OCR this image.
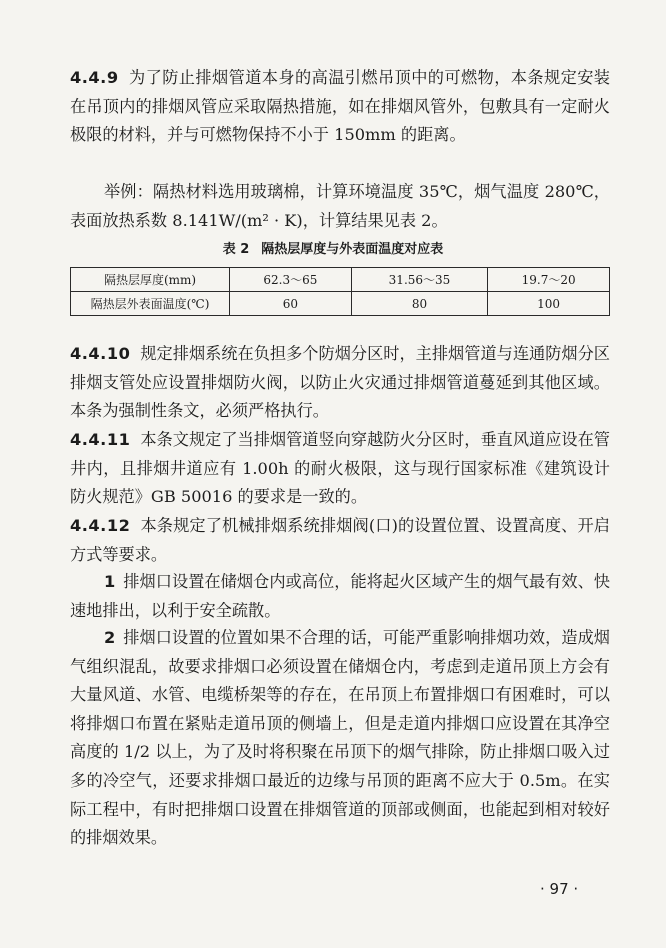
4.4.9 为了防止排烟管道本身的高温引燃吊顶中的可燃物，本条规定安装在吊顶内的排烟风管应采取隔热措施，如在排烟风管外，包敷具有一定耐火极限的材料，并与可燃物保持不小于 150mm 的距离。

举例：隔热材料选用玻璃棉，计算环境温度 35℃，烟气温度 280℃，表面放热系数 8.141W/(m² · K)，计算结果见表 2。

表 2 隔热层厚度与外表面温度对应表
隔热层厚度(mm)	62.3～65	31.56～35	19.7～20
隔热层外表面温度(℃)	60	80	100

4.4.10 规定排烟系统在负担多个防烟分区时，主排烟管道与连通防烟分区排烟支管处应设置排烟防火阀，以防止火灾通过排烟管道蔓延到其他区域。本条为强制性条文，必须严格执行。

4.4.11 本条文规定了当排烟管道竖向穿越防火分区时，垂直风道应设在管井内，且排烟井道应有 1.00h 的耐火极限，这与现行国家标准《建筑设计防火规范》GB 50016 的要求是一致的。

4.4.12 本条规定了机械排烟系统排烟阀(口)的设置位置、设置高度、开启方式等要求。

1 排烟口设置在储烟仓内或高位，能将起火区域产生的烟气最有效、快速地排出，以利于安全疏散。

2 排烟口设置的位置如果不合理的话，可能严重影响排烟功效，造成烟气组织混乱，故要求排烟口必须设置在储烟仓内，考虑到走道吊顶上方会有大量风道、水管、电缆桥架等的存在，在吊顶上布置排烟口有困难时，可以将排烟口布置在紧贴走道吊顶的侧墙上，但是走道内排烟口应设置在其净空高度的 1/2 以上，为了及时将积聚在吊顶下的烟气排除，防止排烟口吸入过多的冷空气，还要求排烟口最近的边缘与吊顶的距离不应大于 0.5m。在实际工程中，有时把排烟口设置在排烟管道的顶部或侧面，也能起到相对较好的排烟效果。

· 97 ·
